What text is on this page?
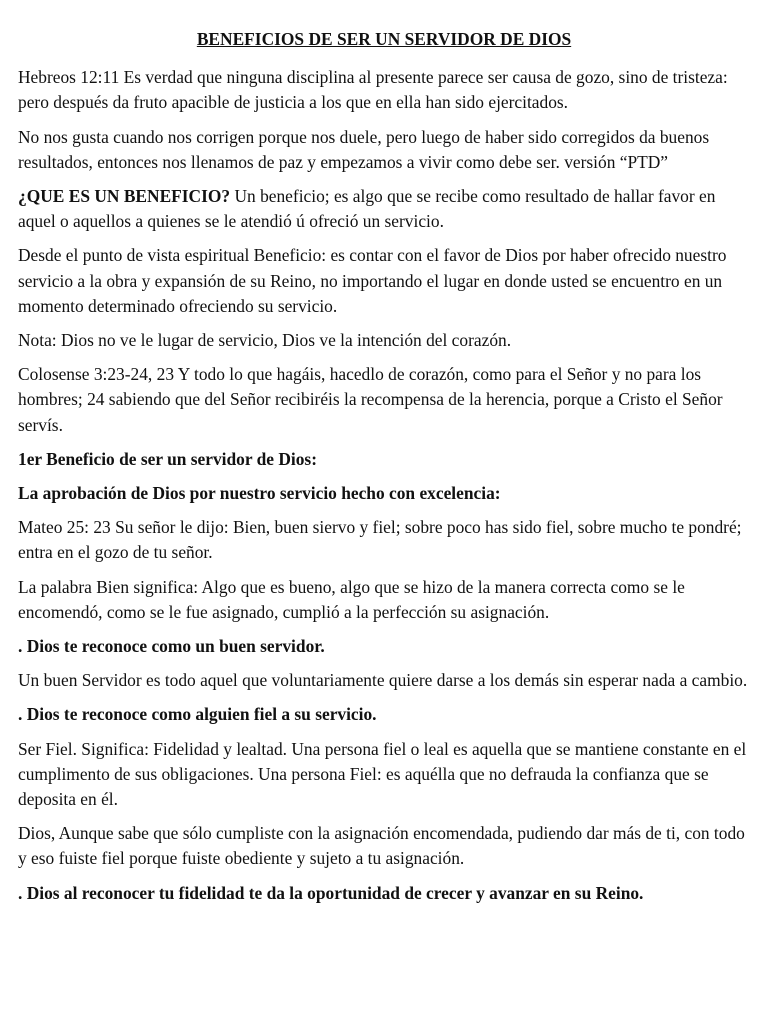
BENEFICIOS DE SER UN SERVIDOR DE DIOS

Hebreos 12:11 Es verdad que ninguna disciplina al presente parece ser causa de gozo, sino de tristeza: pero después da fruto apacible de justicia a los que en ella han sido ejercitados.

No nos gusta cuando nos corrigen porque nos duele, pero luego de haber sido corregidos da buenos resultados, entonces nos llenamos de paz y empezamos a vivir como debe ser. versión “PTD”

¿QUE ES UN BENEFICIO? Un beneficio; es algo que se recibe como resultado de hallar favor en aquel o aquellos a quienes se le atendió ú ofreció un servicio.

Desde el punto de vista espiritual Beneficio: es contar con el favor de Dios por haber ofrecido nuestro servicio a la obra y expansión de su Reino, no importando el lugar en donde usted se encuentro en un momento determinado ofreciendo su servicio.

Nota: Dios no ve le lugar de servicio, Dios ve la intención del corazón.

Colosense 3:23-24, 23 Y todo lo que hagáis, hacedlo de corazón, como para el Señor y no para los hombres; 24 sabiendo que del Señor recibiréis la recompensa de la herencia, porque a Cristo el Señor servís.

1er Beneficio de ser un servidor de Dios:

La aprobación de Dios por nuestro servicio hecho con excelencia:

Mateo 25: 23 Su señor le dijo: Bien, buen siervo y fiel; sobre poco has sido fiel, sobre mucho te pondré; entra en el gozo de tu señor.

La palabra Bien significa: Algo que es bueno, algo que se hizo de la manera correcta como se le encomendó, como se le fue asignado, cumplió a la perfección su asignación.

. Dios te reconoce como un buen servidor.

Un buen Servidor es todo aquel que voluntariamente quiere darse a los demás sin esperar nada a cambio.

. Dios te reconoce como alguien fiel a su servicio.

Ser Fiel. Significa: Fidelidad y lealtad. Una persona fiel o leal es aquella que se mantiene constante en el cumplimento de sus obligaciones. Una persona Fiel: es aquélla que no defrauda la confianza que se deposita en él.

Dios, Aunque sabe que sólo cumpliste con la asignación encomendada, pudiendo dar más de ti, con todo y eso fuiste fiel porque fuiste obediente y sujeto a tu asignación.

. Dios al reconocer tu fidelidad te da la oportunidad de crecer y avanzar en su Reino.
